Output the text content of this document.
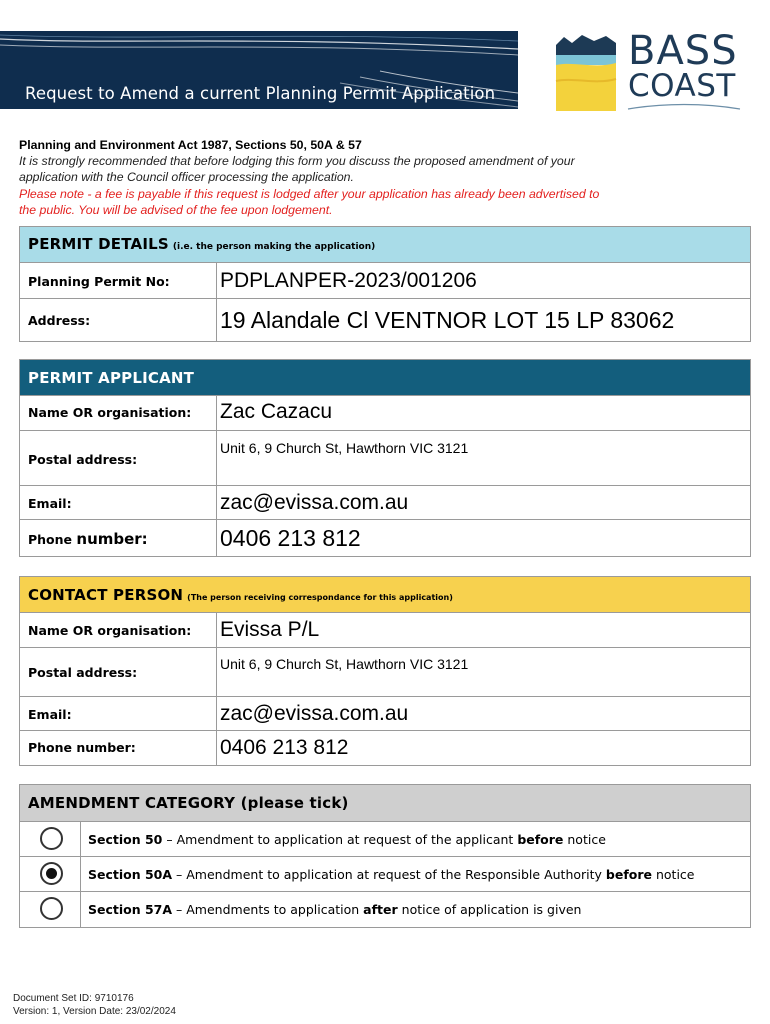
Request to Amend a current Planning Permit Application
BASS
COAST
Planning and Environment Act 1987, Sections 50, 50A & 57
It is strongly recommended that before lodging this form you discuss the proposed amendment of your
application with the Council officer processing the application.
Please note - a fee is payable if this request is lodged after your application has already been advertised to
the public. You will be advised of the fee upon lodgement.
PERMIT DETAILS (i.e. the person making the application)
Planning Permit No: PDPLANPER-2023/001206
Address:	19 Alandale Cl VENTNOR LOT 15 LP 83062
PERMIT APPLICANT
Name OR organisation: Zac Cazacu
Postal address:
Unit 6, 9 Church St, Hawthorn VIC 3121
Email:	zac@evissa.com.au
Phone number:	0406 213 812
CONTACT PERSON (The person receiving correspondance for this application)
Name OR organisation: Evissa P/L
Postal address:
Unit 6, 9 Church St, Hawthorn VIC 3121
Email:	zac@evissa.com.au
Phone number:	0406 213 812
AMENDMENT CATEGORY (please tick)
Section 50 – Amendment to application at request of the applicant before notice
Section 50A – Amendment to application at request of the Responsible Authority before notice
Section 57A – Amendments to application after notice of application is given
Document Set ID: 9710176
Version: 1, Version Date: 23/02/2024
